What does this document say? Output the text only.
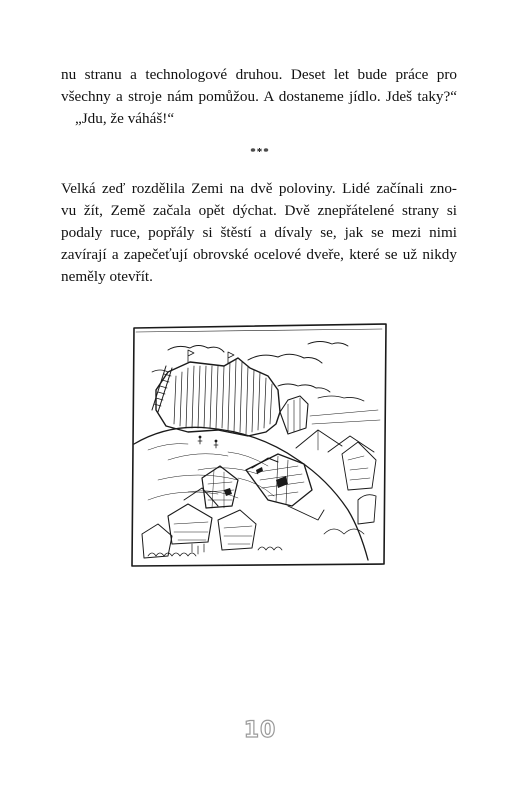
nu stranu a technologové druhou. Deset let bude práce pro
všechny a stroje nám pomůžou. A dostaneme jídlo. Jdeš taky?“
„Jdu, že váháš!“
***
Velká zeď rozdělila Zemi na dvě poloviny. Lidé začínali zno-
vu žít, Země začala opět dýchat. Dvě znepřátelené strany si
podaly ruce, popřály si štěstí a dívaly se, jak se mezi nimi
zavírají a zapečeťují obrovské ocelové dveře, které se už nikdy
neměly otevřít.
10
